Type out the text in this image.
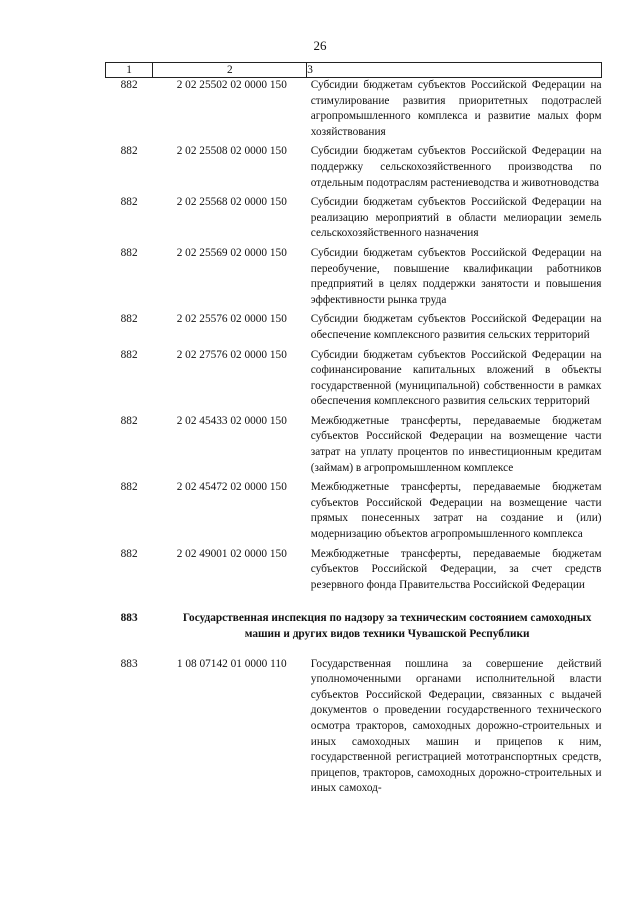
26
1	2	3
882	2 02 25502 02 0000 150	Субсидии бюджетам субъектов Российской Федерации на стимулирование развития приоритетных подотраслей агропромышленного комплекса и развитие малых форм хозяйствования
882	2 02 25508 02 0000 150	Субсидии бюджетам субъектов Российской Федерации на поддержку сельскохозяйственного производства по отдельным подотраслям растениеводства и животноводства
882	2 02 25568 02 0000 150	Субсидии бюджетам субъектов Российской Федерации на реализацию мероприятий в области мелиорации земель сельскохозяйственного назначения
882	2 02 25569 02 0000 150	Субсидии бюджетам субъектов Российской Федерации на переобучение, повышение квалификации работников предприятий в целях поддержки занятости и повышения эффективности рынка труда
882	2 02 25576 02 0000 150	Субсидии бюджетам субъектов Российской Федерации на обеспечение комплексного развития сельских территорий
882	2 02 27576 02 0000 150	Субсидии бюджетам субъектов Российской Федерации на софинансирование капитальных вложений в объекты государственной (муниципальной) собственности в рамках обеспечения комплексного развития сельских территорий
882	2 02 45433 02 0000 150	Межбюджетные трансферты, передаваемые бюджетам субъектов Российской Федерации на возмещение части затрат на уплату процентов по инвестиционным кредитам (займам) в агропромышленном комплексе
882	2 02 45472 02 0000 150	Межбюджетные трансферты, передаваемые бюджетам субъектов Российской Федерации на возмещение части прямых понесенных затрат на создание и (или) модернизацию объектов агропромышленного комплекса
882	2 02 49001 02 0000 150	Межбюджетные трансферты, передаваемые бюджетам субъектов Российской Федерации, за счет средств резервного фонда Правительства Российской Федерации
883	Государственная инспекция по надзору за техническим состоянием самоходных машин и других видов техники Чувашской Республики	
883	1 08 07142 01 0000 110	Государственная пошлина за совершение действий уполномоченными органами исполнительной власти субъектов Российской Федерации, связанных с выдачей документов о проведении государственного технического осмотра тракторов, самоходных дорожно-строительных и иных самоходных машин и прицепов к ним, государственной регистрацией мототранспортных средств, прицепов, тракторов, самоходных дорожно-строительных и иных самоход-
